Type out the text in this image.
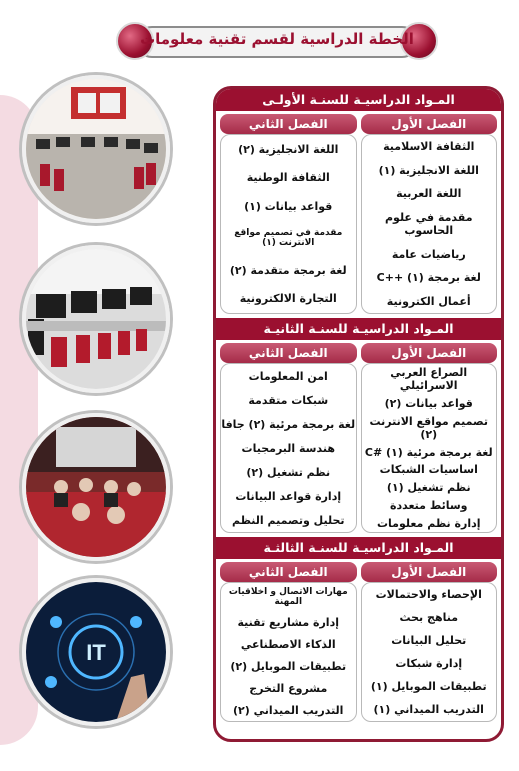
الخطة الدراسية لقسم تقنية معلومات
IT
المـواد الدراسيـة للسنـة الأولـى
الفصل الأول
الفصل الثاني
الثقافة الاسلامية
اللغة الانجليزية (١)
اللغة العربية
مقدمة في علوم الحاسوب
رياضيات عامة
لغة برمجة (١) ++C
أعمال الكترونية
اللغة الانجليزية (٢)
الثقافة الوطنية
قواعد بيانات (١)
مقدمة في تصميم مواقع الانترنت (١)
لغة برمجة متقدمة (٢)
التجارة الالكترونية
المـواد الدراسيـة للسنـة الثانيـة
الفصل الأول
الفصل الثاني
الصراع العربي الاسرائيلي
قواعد بيانات (٢)
تصميم مواقع الانترنت (٢)
لغة برمجة مرئية (١) #C
اساسيات الشبكات
نظم تشغيل (١)
وسائط متعددة
إدارة نظم معلومات
امن المعلومات
شبكات متقدمة
لغة برمجة مرئية (٢) جافا
هندسة البرمجيات
نظم تشغيل (٢)
إدارة قواعد البيانات
تحليل وتصميم النظم
المـواد الدراسيـة للسنـة الثالثـة
الفصل الأول
الفصل الثاني
الإحصاء والاحتمالات
مناهج بحث
تحليل البيانات
إدارة شبكات
تطبيقات الموبايل (١)
التدريب الميداني (١)
مهارات الاتصال و اخلاقيات المهنة
إدارة مشاريع تقنية
الذكاء الاصطناعي
تطبيقات الموبايل (٢)
مشروع التخرج
التدريب الميداني (٢)
